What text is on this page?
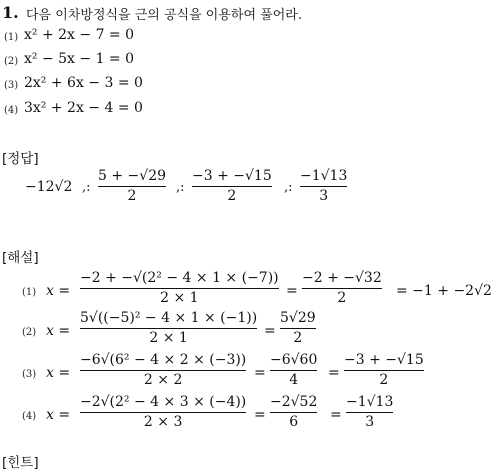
1. 다음 이차방정식을 근의 공식을 이용하여 풀어라.
(1) x² + 2x − 7 = 0
(2) x² − 5x − 1 = 0
(3) 2x² + 6x − 3 = 0
(4) 3x² + 2x − 4 = 0
[정답]
−12√2 ,:
5 + −√29
2
,:
−3 + −√15
2
,:
−1√13
3
[해설]
(1) x =
−2 + −√(2² − 4 × 1 × (−7))
2 × 1	=
−2 + −√32
2	= −1 + −2√2
(2) x =
5√((−5)² − 4 × 1 × (−1))
2 × 1	=
5√29
2
(3) x =
−6√(6² − 4 × 2 × (−3))
2 × 2	=
−6√60
4 =
−3 + −√15
2
(4) x =
−2√(2² − 4 × 3 × (−4))
2 × 3	=
−2√52
6 =
−1√13
3
[힌트]
